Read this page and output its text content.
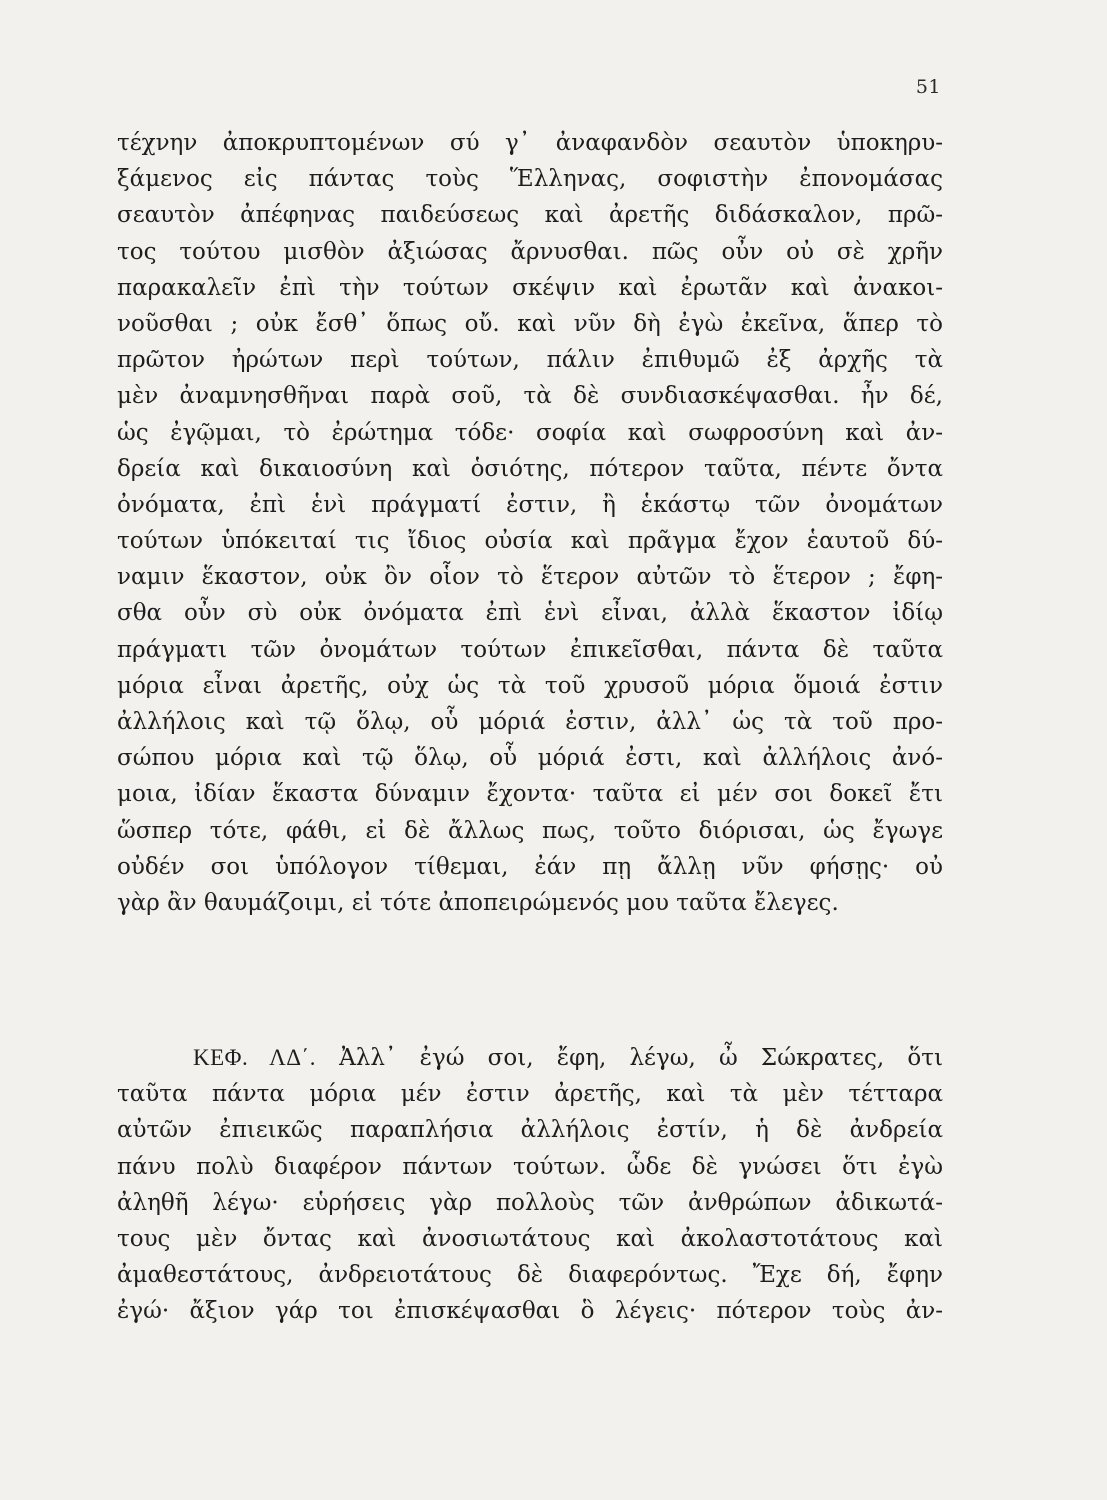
51
τέχνην ἀποκρυπτομένων σύ γ᾽ ἀναφανδὸν σεαυτὸν ὑποκηρυ-
ξάμενος εἰς πάντας τοὺς Ἕλληνας, σοφιστὴν ἐπονομάσας
σεαυτὸν ἀπέφηνας παιδεύσεως καὶ ἀρετῆς διδάσκαλον, πρῶ-
τος τούτου μισθὸν ἀξιώσας ἄρνυσθαι. πῶς οὖν οὐ σὲ χρῆν
παρακαλεῖν ἐπὶ τὴν τούτων σκέψιν καὶ ἐρωτᾶν καὶ ἀνακοι-
νοῦσθαι ; οὐκ ἔσθ᾽ ὅπως οὔ. καὶ νῦν δὴ ἐγὼ ἐκεῖνα, ἅπερ τὸ
πρῶτον ἠρώτων περὶ τούτων, πάλιν ἐπιθυμῶ ἐξ ἀρχῆς τὰ
μὲν ἀναμνησθῆναι παρὰ σοῦ, τὰ δὲ συνδιασκέψασθαι. ἦν δέ,
ὡς ἐγῷμαι, τὸ ἐρώτημα τόδε· σοφία καὶ σωφροσύνη καὶ ἀν-
δρεία καὶ δικαιοσύνη καὶ ὁσιότης, πότερον ταῦτα, πέντε ὄντα
ὀνόματα, ἐπὶ ἑνὶ πράγματί ἐστιν, ἢ ἑκάστῳ τῶν ὀνομάτων
τούτων ὑπόκειταί τις ἴδιος οὐσία καὶ πρᾶγμα ἔχον ἑαυτοῦ δύ-
ναμιν ἕκαστον, οὐκ ὂν οἷον τὸ ἕτερον αὐτῶν τὸ ἕτερον ; ἔφη-
σθα οὖν σὺ οὐκ ὀνόματα ἐπὶ ἑνὶ εἶναι, ἀλλὰ ἕκαστον ἰδίῳ
πράγματι τῶν ὀνομάτων τούτων ἐπικεῖσθαι, πάντα δὲ ταῦτα
μόρια εἶναι ἀρετῆς, οὐχ ὡς τὰ τοῦ χρυσοῦ μόρια ὅμοιά ἐστιν
ἀλλήλοις καὶ τῷ ὅλῳ, οὗ μόριά ἐστιν, ἀλλ᾽ ὡς τὰ τοῦ προ-
σώπου μόρια καὶ τῷ ὅλῳ, οὗ μόριά ἐστι, καὶ ἀλλήλοις ἀνό-
μοια, ἰδίαν ἕκαστα δύναμιν ἔχοντα· ταῦτα εἰ μέν σοι δοκεῖ ἔτι
ὥσπερ τότε, φάθι, εἰ δὲ ἄλλως πως, τοῦτο διόρισαι, ὡς ἔγωγε
οὐδέν σοι ὑπόλογον τίθεμαι, ἐάν πῃ ἄλλῃ νῦν φήσῃς· οὐ
γὰρ ἂν θαυμάζοιμι, εἰ τότε ἀποπειρώμενός μου ταῦτα ἔλεγες.
ΚΕΦ. ΛΔ΄. Ἀλλ᾽ ἐγώ σοι, ἔφη, λέγω, ὦ Σώκρατες, ὅτι
ταῦτα πάντα μόρια μέν ἐστιν ἀρετῆς, καὶ τὰ μὲν τέτταρα
αὐτῶν ἐπιεικῶς παραπλήσια ἀλλήλοις ἐστίν, ἡ δὲ ἀνδρεία
πάνυ πολὺ διαφέρον πάντων τούτων. ὧδε δὲ γνώσει ὅτι ἐγὼ
ἀληθῆ λέγω· εὑρήσεις γὰρ πολλοὺς τῶν ἀνθρώπων ἀδικωτά-
τους μὲν ὄντας καὶ ἀνοσιωτάτους καὶ ἀκολαστοτάτους καὶ
ἀμαθεστάτους, ἀνδρειοτάτους δὲ διαφερόντως. Ἔχε δή, ἔφην
ἐγώ· ἄξιον γάρ τοι ἐπισκέψασθαι ὃ λέγεις· πότερον τοὺς ἀν-
